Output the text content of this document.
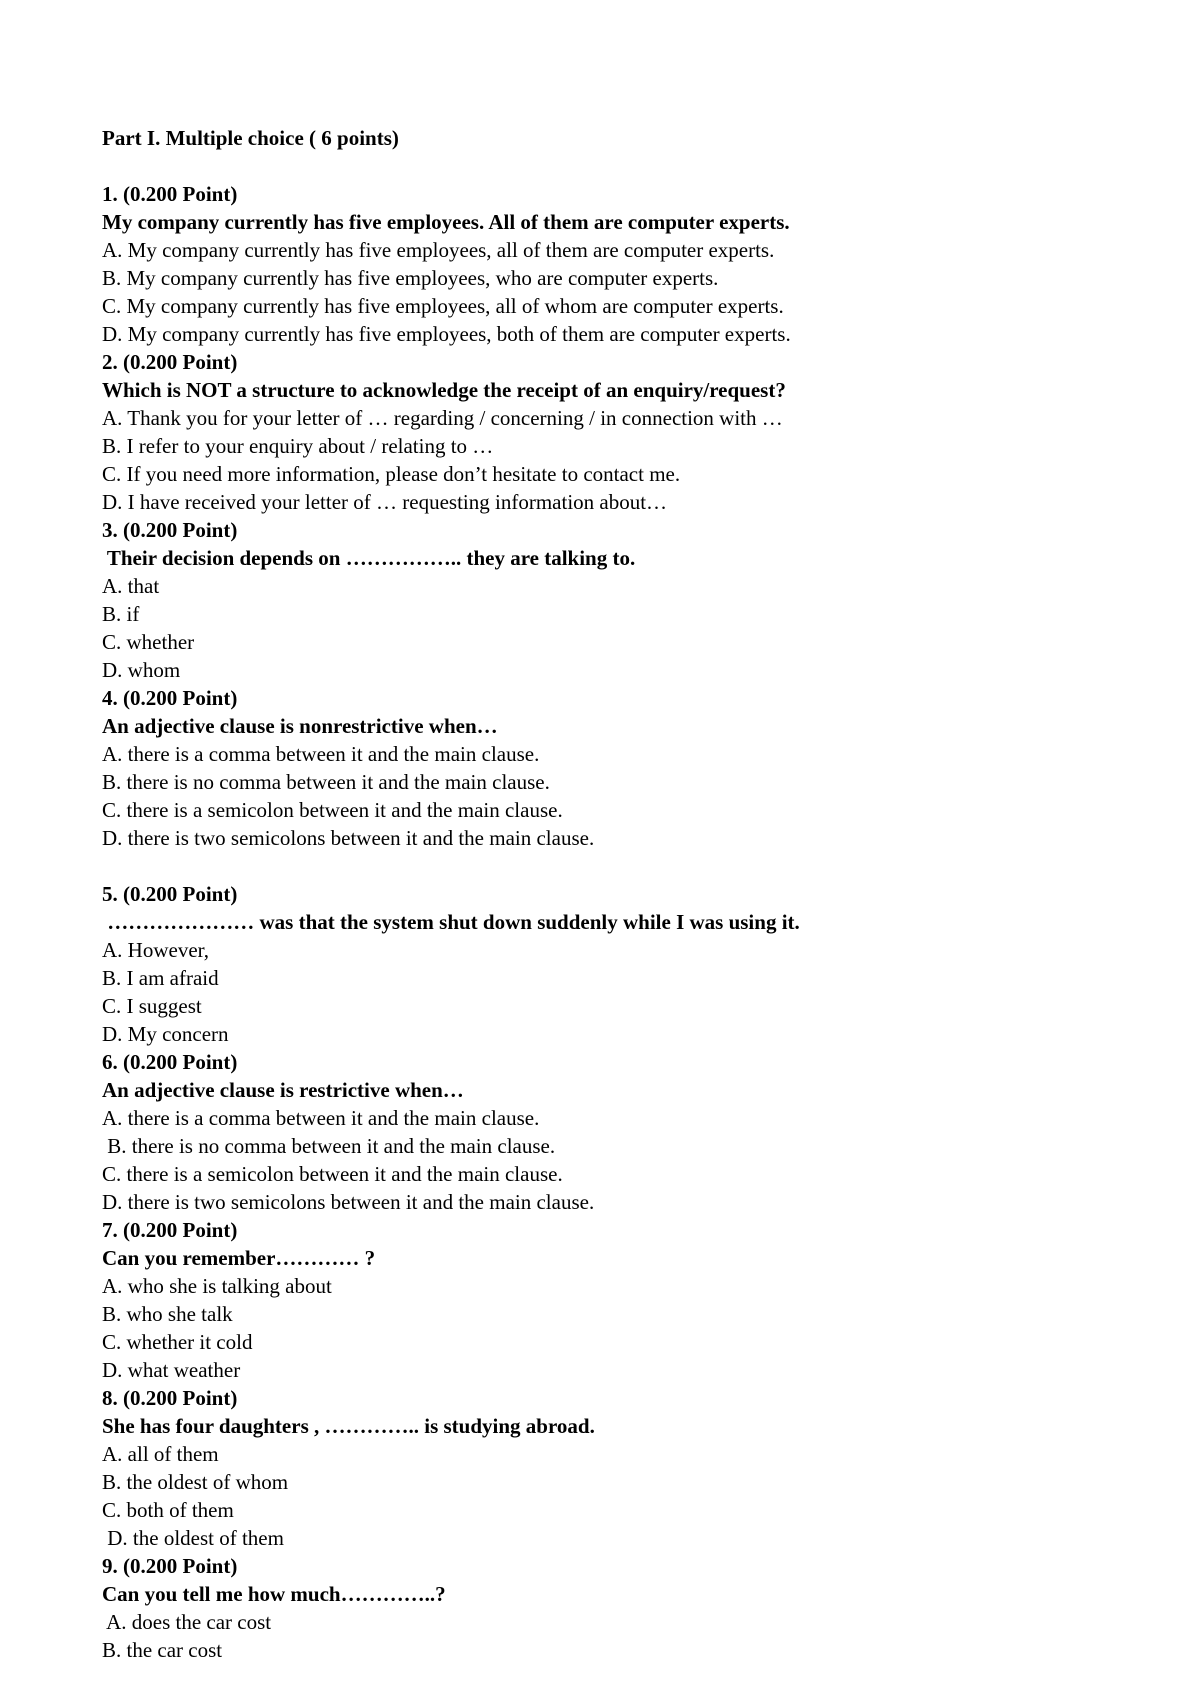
Part I. Multiple choice ( 6 points)
1. (0.200 Point)
My company currently has five employees. All of them are computer experts.
A. My company currently has five employees, all of them are computer experts.
B. My company currently has five employees, who are computer experts.
C. My company currently has five employees, all of whom are computer experts.
D. My company currently has five employees, both of them are computer experts.
2. (0.200 Point)
Which is NOT a structure to acknowledge the receipt of an enquiry/request?
A. Thank you for your letter of … regarding / concerning / in connection with …
B. I refer to your enquiry about / relating to …
C. If you need more information, please don’t hesitate to contact me.
D. I have received your letter of … requesting information about…
3. (0.200 Point)
Their decision depends on …………….. they are talking to.
A. that
B. if
C. whether
D. whom
4. (0.200 Point)
An adjective clause is nonrestrictive when…
A. there is a comma between it and the main clause.
B. there is no comma between it and the main clause.
C. there is a semicolon between it and the main clause.
D. there is two semicolons between it and the main clause.
5. (0.200 Point)
………………… was that the system shut down suddenly while I was using it.
A. However,
B. I am afraid
C. I suggest
D. My concern
6. (0.200 Point)
An adjective clause is restrictive when…
A. there is a comma between it and the main clause.
B. there is no comma between it and the main clause.
C. there is a semicolon between it and the main clause.
D. there is two semicolons between it and the main clause.
7. (0.200 Point)
Can you remember………… ?
A. who she is talking about
B. who she talk
C. whether it cold
D. what weather
8. (0.200 Point)
She has four daughters , ………….. is studying abroad.
A. all of them
B. the oldest of whom
C. both of them
D. the oldest of them
9. (0.200 Point)
Can you tell me how much…………..?
A. does the car cost
B. the car cost
